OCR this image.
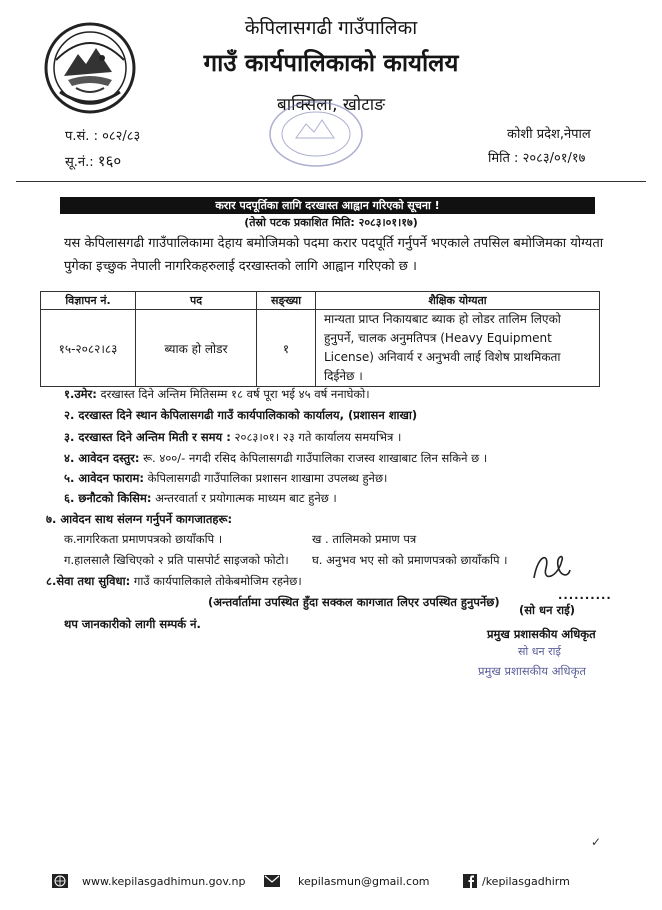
केपिलासगढी गाउँपालिका
गाउँ कार्यपालिकाको कार्यालय
बाक्सिला, खोटाङ
प.सं. : ०८२/८३
सू.नं.: १६०
कोशी प्रदेश,नेपाल
मिति : २०८३/०१/१७
करार पदपूर्तिका लागि दरखास्त आह्वान गरिएको सूचना !
(तेस्रो पटक प्रकाशित मिति: २०८३।०१।१७)
यस केपिलासगढी गाउँपालिकामा देहाय बमोजिमको पदमा करार पदपूर्ति गर्नुपर्ने भएकाले तपसिल बमोजिमका योग्यता पुगेका इच्छुक नेपाली नागरिकहरुलाई दरखास्तको लागि आह्वान गरिएको छ ।
विज्ञापन नं.	पद	सङ्ख्या	शैक्षिक योग्यता
१५-२०८२।८३	ब्याक हो लोडर	१	मान्यता प्राप्त निकायबाट ब्याक हो लोडर तालिम लिएको हुनुपर्ने, चालक अनुमतिपत्र (Heavy Equipment License) अनिवार्य र अनुभवी लाई विशेष प्राथमिकता दिईनेछ ।
१.उमेर: दरखास्त दिने अन्तिम मितिसम्म १८ वर्ष पूरा भई ४५ वर्ष ननाघेको।
२. दरखास्त दिने स्थान केपिलासगढी गाउँ कार्यपालिकाको कार्यालय, (प्रशासन शाखा)
३. दरखास्त दिने अन्तिम मिती र समय : २०८३।०१। २३ गते कार्यालय समयभित्र ।
४. आवेदन दस्तुर: रू. ४००/- नगदी रसिद केपिलासगढी गाउँपालिका राजस्व शाखाबाट लिन सकिने छ ।
५. आवेदन फाराम: केपिलासगढी गाउँपालिका प्रशासन शाखामा उपलब्ध हुनेछ।
६. छनौटको किसिम: अन्तरवार्ता र प्रयोगात्मक माध्यम बाट हुनेछ ।
७. आवेदन साथ संलग्न गर्नुपर्ने कागजातहरू:
क.नागरिकता प्रमाणपत्रको छायाँकपि ।	ख . तालिमको प्रमाण पत्र
ग.हालसालै खिचिएको २ प्रति पासपोर्ट साइजको फोटो। घ. अनुभव भए सो को प्रमाणपत्रको छायाँकपि ।
८.सेवा तथा सुविधा: गाउँ कार्यपालिकाले तोकेबमोजिम रहनेछ।
(अन्तर्वार्तामा उपस्थित हुँदा सक्कल कागजात लिएर उपस्थित हुनुपर्नेछ)
थप जानकारीको लागी सम्पर्क नं.
..........
(सो धन राई)
प्रमुख प्रशासकीय अधिकृत
सो धन राई
प्रमुख प्रशासकीय अधिकृत
✓
www.kepilasgadhimun.gov.np	kepilasmun@gmail.com	/kepilasgadhirm
